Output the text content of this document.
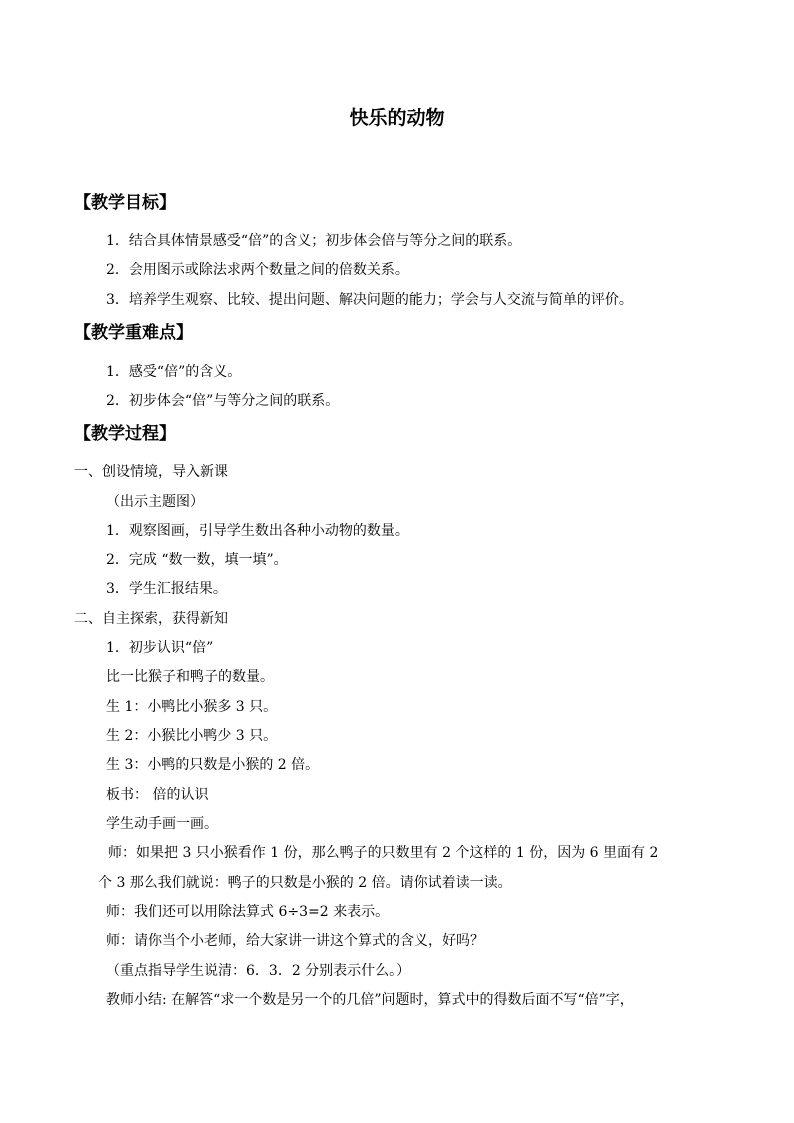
快乐的动物
【教学目标】
1．结合具体情景感受“倍”的含义；初步体会倍与等分之间的联系。
2．会用图示或除法求两个数量之间的倍数关系。
3．培养学生观察、比较、提出问题、解决问题的能力；学会与人交流与简单的评价。
【教学重难点】
1．感受“倍”的含义。
2．初步体会“倍”与等分之间的联系。
【教学过程】
一、创设情境，导入新课
（出示主题图）
1．观察图画，引导学生数出各种小动物的数量。
2．完成 “数一数，填一填”。
3．学生汇报结果。
二、自主探索，获得新知
1．初步认识“倍”
比一比猴子和鸭子的数量。
生 1：小鸭比小猴多 3 只。
生 2：小猴比小鸭少 3 只。
生 3：小鸭的只数是小猴的 2 倍。
板书： 倍的认识
学生动手画一画。
师：如果把 3 只小猴看作 1 份，那么鸭子的只数里有 2 个这样的 1 份，因为 6 里面有 2
个 3 那么我们就说：鸭子的只数是小猴的 2 倍。请你试着读一读。
师：我们还可以用除法算式 6÷3=2 来表示。
师：请你当个小老师，给大家讲一讲这个算式的含义，好吗？
（重点指导学生说清：6．3．2 分别表示什么。）
教师小结: 在解答“求一个数是另一个的几倍”问题时，算式中的得数后面不写“倍”字，
